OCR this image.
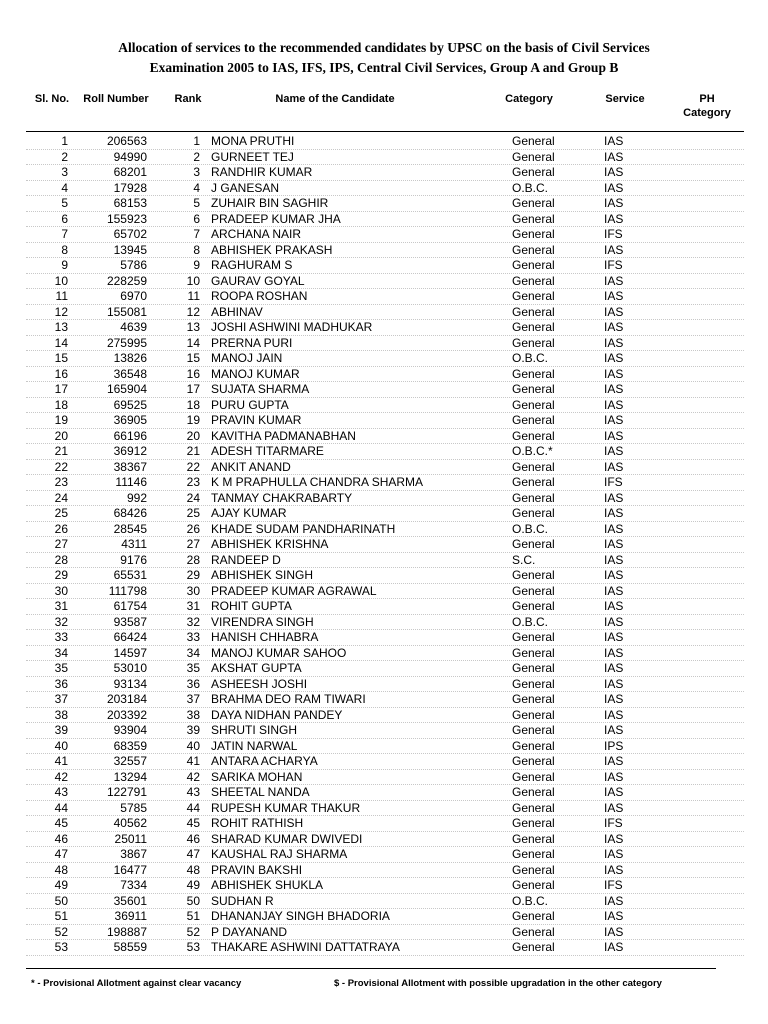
Allocation of services to the recommended candidates by UPSC on the basis of Civil Services
Examination 2005 to IAS, IFS, IPS, Central Civil Services, Group A and Group B
Sl. No.	Roll Number	Rank	Name of the Candidate	Category	Service	PH
Category
1	206563	1 MONA PRUTHI	General	IAS
2	94990	2 GURNEET TEJ	General	IAS
3	68201	3 RANDHIR KUMAR	General	IAS
4	17928	4 J GANESAN	O.B.C.	IAS
5	68153	5 ZUHAIR BIN SAGHIR	General	IAS
6	155923	6 PRADEEP KUMAR JHA	General	IAS
7	65702	7 ARCHANA NAIR	General	IFS
8	13945	8 ABHISHEK PRAKASH	General	IAS
9	5786	9 RAGHURAM S	General	IFS
10	228259	10 GAURAV GOYAL	General	IAS
11	6970	11 ROOPA ROSHAN	General	IAS
12	155081	12 ABHINAV	General	IAS
13	4639	13 JOSHI ASHWINI MADHUKAR	General	IAS
14	275995	14 PRERNA PURI	General	IAS
15	13826	15 MANOJ JAIN	O.B.C.	IAS
16	36548	16 MANOJ KUMAR	General	IAS
17	165904	17 SUJATA SHARMA	General	IAS
18	69525	18 PURU GUPTA	General	IAS
19	36905	19 PRAVIN KUMAR	General	IAS
20	66196	20 KAVITHA PADMANABHAN	General	IAS
21	36912	21 ADESH TITARMARE	O.B.C.*	IAS
22	38367	22 ANKIT ANAND	General	IAS
23	11146	23 K M PRAPHULLA CHANDRA SHARMA	General	IFS
24	992	24 TANMAY CHAKRABARTY	General	IAS
25	68426	25 AJAY KUMAR	General	IAS
26	28545	26 KHADE SUDAM PANDHARINATH	O.B.C.	IAS
27	4311	27 ABHISHEK KRISHNA	General	IAS
28	9176	28 RANDEEP D	S.C.	IAS
29	65531	29 ABHISHEK SINGH	General	IAS
30	111798	30 PRADEEP KUMAR AGRAWAL	General	IAS
31	61754	31 ROHIT GUPTA	General	IAS
32	93587	32 VIRENDRA SINGH	O.B.C.	IAS
33	66424	33 HANISH CHHABRA	General	IAS
34	14597	34 MANOJ KUMAR SAHOO	General	IAS
35	53010	35 AKSHAT GUPTA	General	IAS
36	93134	36 ASHEESH JOSHI	General	IAS
37	203184	37 BRAHMA DEO RAM TIWARI	General	IAS
38	203392	38 DAYA NIDHAN PANDEY	General	IAS
39	93904	39 SHRUTI SINGH	General	IAS
40	68359	40 JATIN NARWAL	General	IPS
41	32557	41 ANTARA ACHARYA	General	IAS
42	13294	42 SARIKA MOHAN	General	IAS
43	122791	43 SHEETAL NANDA	General	IAS
44	5785	44 RUPESH KUMAR THAKUR	General	IAS
45	40562	45 ROHIT RATHISH	General	IFS
46	25011	46 SHARAD KUMAR DWIVEDI	General	IAS
47	3867	47 KAUSHAL RAJ SHARMA	General	IAS
48	16477	48 PRAVIN BAKSHI	General	IAS
49	7334	49 ABHISHEK SHUKLA	General	IFS
50	35601	50 SUDHAN R	O.B.C.	IAS
51	36911	51 DHANANJAY SINGH BHADORIA	General	IAS
52	198887	52 P DAYANAND	General	IAS
53	58559	53 THAKARE ASHWINI DATTATRAYA	General	IAS
* - Provisional Allotment against clear vacancy	$ - Provisional Allotment with possible upgradation in the other category
